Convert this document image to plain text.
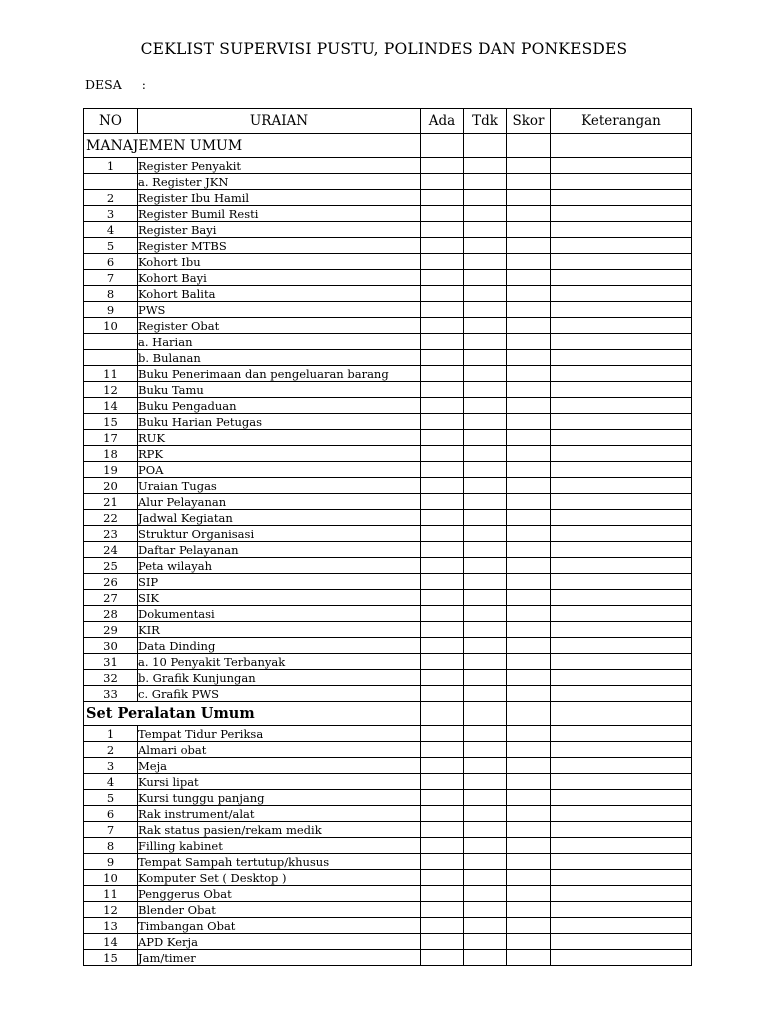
CEKLIST SUPERVISI PUSTU, POLINDES DAN PONKESDES
DESA :
NO	URAIAN	Ada	Tdk	Skor	Keterangan
MANAJEMEN UMUM					
1	Register Penyakit				
	a. Register JKN				
2	Register Ibu Hamil				
3	Register Bumil Resti				
4	Register Bayi				
5	Register MTBS				
6	Kohort Ibu				
7	Kohort Bayi				
8	Kohort Balita				
9	PWS				
10	Register Obat				
	a. Harian				
	b. Bulanan				
11	Buku Penerimaan dan pengeluaran barang				
12	Buku Tamu				
14	Buku Pengaduan				
15	Buku Harian Petugas				
17	RUK				
18	RPK				
19	POA				
20	Uraian Tugas				
21	Alur Pelayanan				
22	Jadwal Kegiatan				
23	Struktur Organisasi				
24	Daftar Pelayanan				
25	Peta wilayah				
26	SIP				
27	SIK				
28	Dokumentasi				
29	KIR				
30	Data Dinding				
31	a. 10 Penyakit Terbanyak				
32	b. Grafik Kunjungan				
33	c. Grafik PWS				
Set Peralatan Umum					
1	Tempat Tidur Periksa				
2	Almari obat				
3	Meja				
4	Kursi lipat				
5	Kursi tunggu panjang				
6	Rak instrument/alat				
7	Rak status pasien/rekam medik				
8	Filling kabinet				
9	Tempat Sampah tertutup/khusus				
10	Komputer Set ( Desktop )				
11	Penggerus Obat				
12	Blender Obat				
13	Timbangan Obat				
14	APD Kerja				
15	Jam/timer				
